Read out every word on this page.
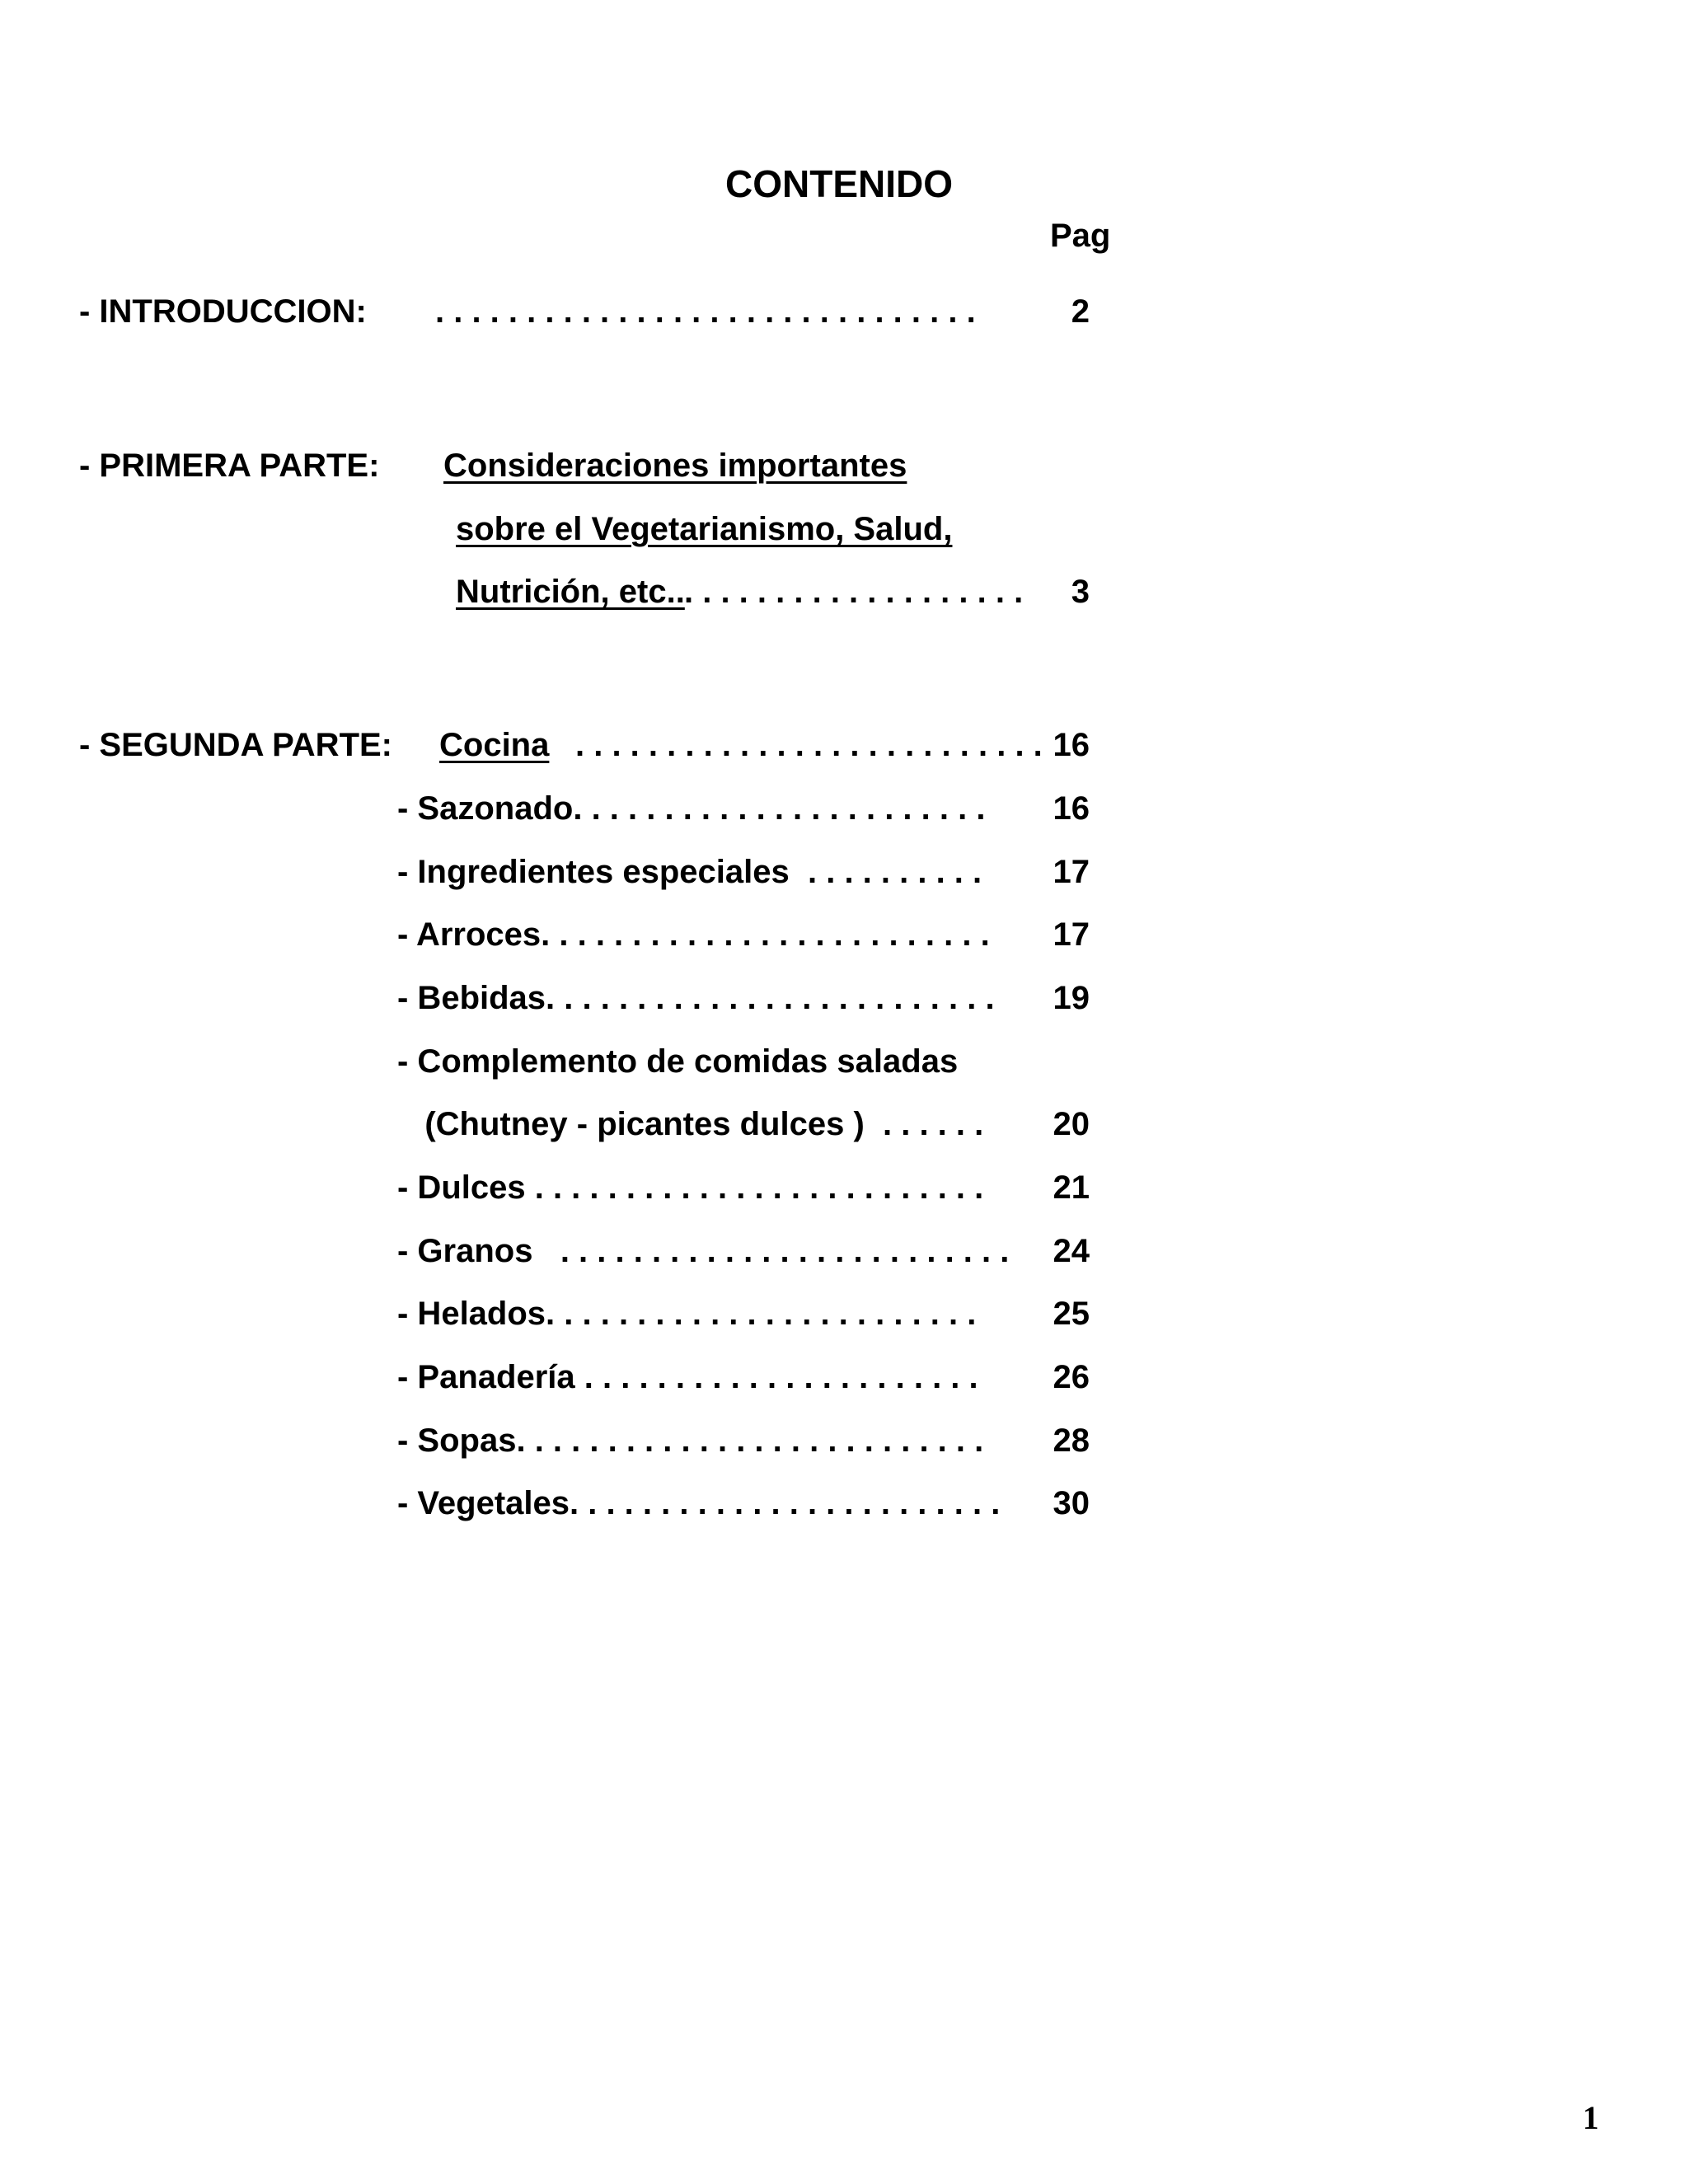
CONTENIDO
Pag
- INTRODUCCION: . . . . . . . . . . . . . . . . . . . . . . . . . . . . . .	2
- PRIMERA PARTE: Consideraciones importantes
sobre el Vegetarianismo, Salud,
Nutrición, etc.. . . . . . . . . . . . . . . . . . . .	3
- SEGUNDA PARTE: Cocina . . . . . . . . . . . . . . . . . . . . . . . . . . 16
- Sazonado. . . . . . . . . . . . . . . . . . . . . . .	16
- Ingredientes especiales  . . . . . . . . . .	17
- Arroces. . . . . . . . . . . . . . . . . . . . . . . . .	17
- Bebidas. . . . . . . . . . . . . . . . . . . . . . . . .	19
- Complemento de comidas saladas
(Chutney - picantes dulces )  . . . . . .	20
- Dulces . . . . . . . . . . . . . . . . . . . . . . . . .	21
- Granos   . . . . . . . . . . . . . . . . . . . . . . . . .	24
- Helados. . . . . . . . . . . . . . . . . . . . . . . .	25
- Panadería . . . . . . . . . . . . . . . . . . . . . .	26
- Sopas. . . . . . . . . . . . . . . . . . . . . . . . . .	28
- Vegetales. . . . . . . . . . . . . . . . . . . . . . . .	30
1
